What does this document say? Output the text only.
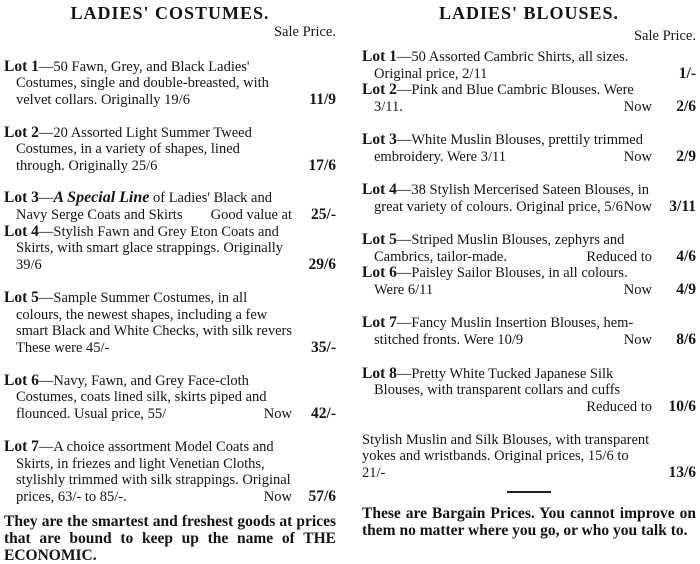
LADIES' COSTUMES.
Sale Price.
Lot 1—50 Fawn, Grey, and Black Ladies' Costumes, single and double-breasted, with velvet collars. Originally 19/6	11/9
Lot 2—20 Assorted Light Summer Tweed Costumes, in a variety of shapes, lined through. Originally 25/6	17/6
Lot 3—A Special Line of Ladies' Black and Navy Serge Coats and Skirts Good value at	25/-
Lot 4—Stylish Fawn and Grey Eton Coats and Skirts, with smart glace strappings. Originally 39/6	29/6
Lot 5—Sample Summer Costumes, in all colours, the newest shapes, including a few smart Black and White Checks, with silk revers These were 45/-	35/-
Lot 6—Navy, Fawn, and Grey Face-cloth Costumes, coats lined silk, skirts piped and flounced. Usual price, 55/	Now	42/-
Lot 7—A choice assortment Model Coats and Skirts, in friezes and light Venetian Cloths, stylishly trimmed with silk strappings. Original prices, 63/- to 85/-.	Now	57/6

They are the smartest and freshest goods at prices that are bound to keep up the name of THE ECONOMIC.

LADIES' BLOUSES.
Sale Price.
Lot 1—50 Assorted Cambric Shirts, all sizes. Original price, 2/11	1/-
Lot 2—Pink and Blue Cambric Blouses. Were 3/11.	Now	2/6
Lot 3—White Muslin Blouses, prettily trimmed embroidery. Were 3/11	Now	2/9
Lot 4—38 Stylish Mercerised Sateen Blouses, in great variety of colours. Original price, 5/6 Now	3/11
Lot 5—Striped Muslin Blouses, zephyrs and Cambrics, tailor-made.	Reduced to	4/6
Lot 6—Paisley Sailor Blouses, in all colours. Were 6/11	Now	4/9
Lot 7—Fancy Muslin Insertion Blouses, hem-stitched fronts. Were 10/9	Now	8/6
Lot 8—Pretty White Tucked Japanese Silk Blouses, with transparent collars and cuffs
Reduced to	10/6
Stylish Muslin and Silk Blouses, with transparent yokes and wristbands. Original prices, 15/6 to 21/-	13/6

These are Bargain Prices. You cannot improve on them no matter where you go, or who you talk to.
